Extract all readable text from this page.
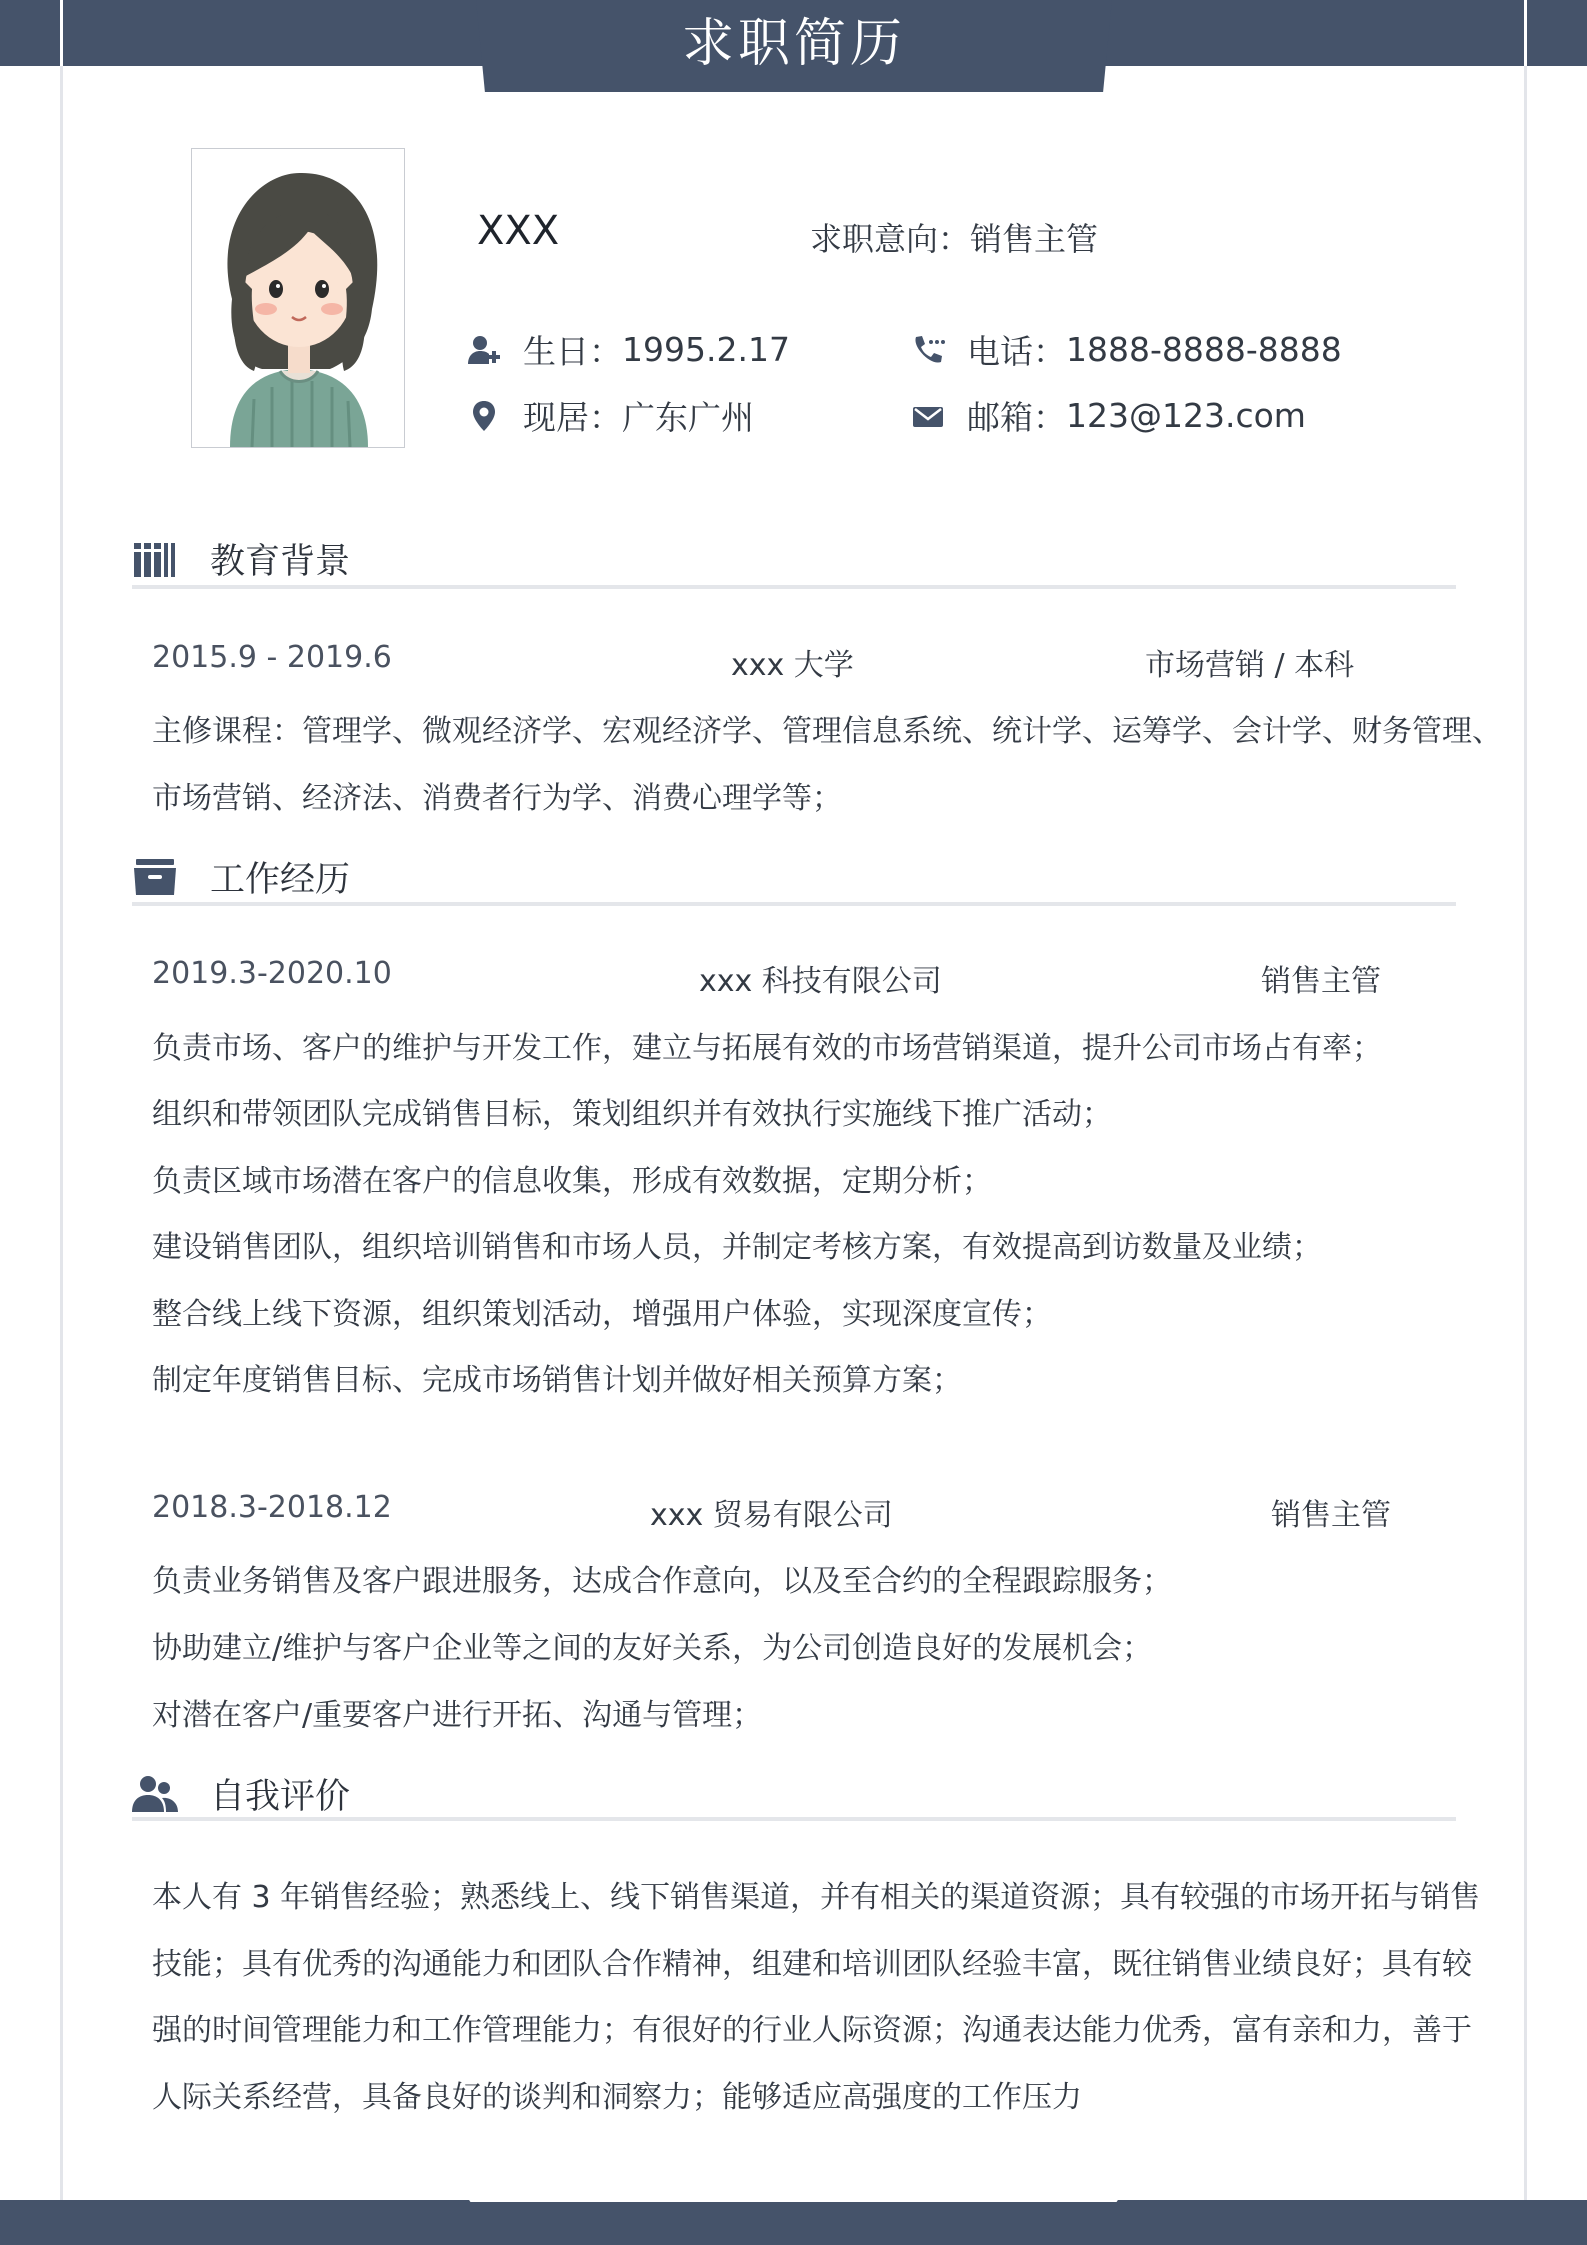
求职简历
XXX	求职意向：销售主管
生日： 1995.2.17	电话： 1888-8888-8888
现居： 广东广州	邮箱： 123@123.com
教育背景
2015.9 - 2019.6	xxx 大学	市场营销 / 本科
主修课程：管理学、微观经济学、宏观经济学、管理信息系统、统计学、运筹学、会计学、财务管理、
市场营销、经济法、消费者行为学、消费心理学等；
工作经历
2019.3-2020.10	xxx 科技有限公司	销售主管
负责市场、客户的维护与开发工作，建立与拓展有效的市场营销渠道，提升公司市场占有率；
组织和带领团队完成销售目标，策划组织并有效执行实施线下推广活动；
负责区域市场潜在客户的信息收集，形成有效数据，定期分析；
建设销售团队，组织培训销售和市场人员，并制定考核方案，有效提高到访数量及业绩；
整合线上线下资源，组织策划活动，增强用户体验，实现深度宣传；
制定年度销售目标、完成市场销售计划并做好相关预算方案；
2018.3-2018.12	xxx 贸易有限公司	销售主管
负责业务销售及客户跟进服务，达成合作意向，以及至合约的全程跟踪服务；
协助建立/维护与客户企业等之间的友好关系，为公司创造良好的发展机会；
对潜在客户/重要客户进行开拓、沟通与管理；
自我评价
本人有 3 年销售经验；熟悉线上、线下销售渠道，并有相关的渠道资源；具有较强的市场开拓与销售
技能；具有优秀的沟通能力和团队合作精神，组建和培训团队经验丰富，既往销售业绩良好；具有较
强的时间管理能力和工作管理能力；有很好的行业人际资源；沟通表达能力优秀，富有亲和力，善于
人际关系经营，具备良好的谈判和洞察力；能够适应高强度的工作压力
